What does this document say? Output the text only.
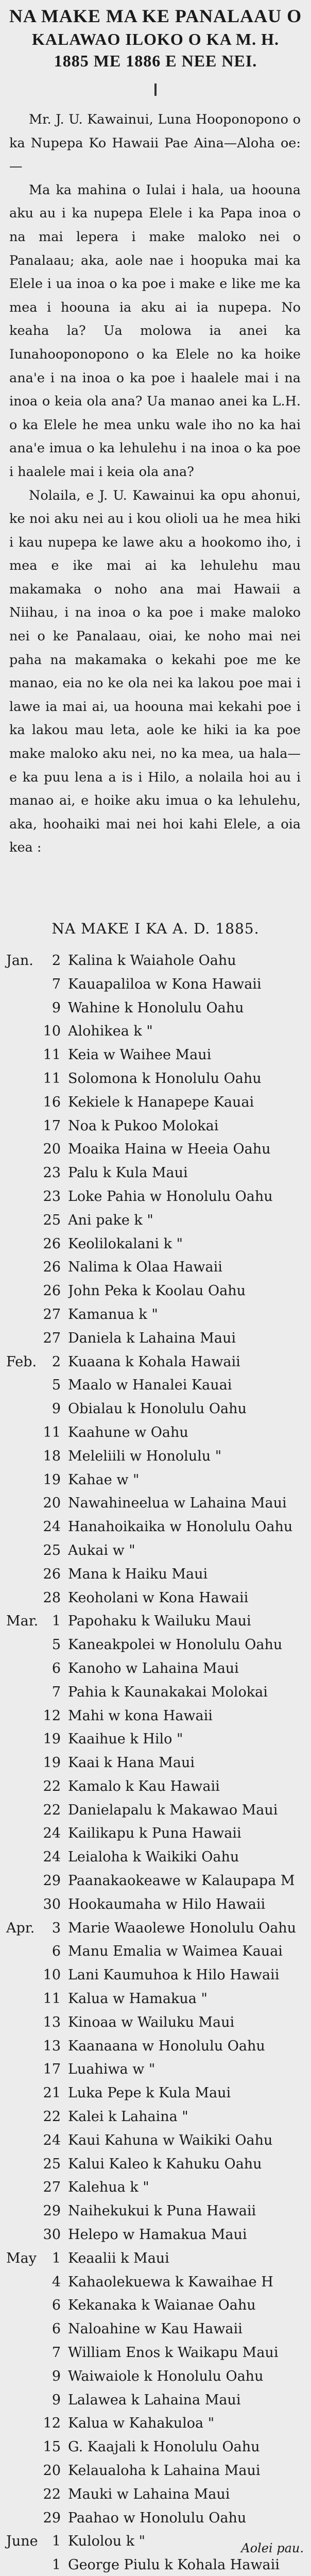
NA MAKE MA KE PANALAAU O
KALAWAO ILOKO O KA M. H.
1885 ME 1886 E NEE NEI.
Mr. J. U. Kawainui, Luna Hooponopono o ka Nupepa Ko Hawaii Pae Aina—Aloha oe:—
Ma ka mahina o Iulai i hala, ua hoouna aku au i ka nupepa Elele i ka Papa inoa o na mai lepera i make maloko nei o Panalaau; aka, aole nae i hoopuka mai ka Elele i ua inoa o ka poe i make e like me ka mea i hoouna ia aku ai ia nupepa. No keaha la? Ua molowa ia anei ka Iunahooponopono o ka Elele no ka hoike ana'e i na inoa o ka poe i haalele mai i na inoa o keia ola ana? Ua manao anei ka L.H. o ka Elele he mea unku wale iho no ka hai ana'e imua o ka lehulehu i na inoa o ka poe i haalele mai i keia ola ana?
Nolaila, e J. U. Kawainui ka opu ahonui, ke noi aku nei au i kou olioli ua he mea hiki i kau nupepa ke lawe aku a hookomo iho, i mea e ike mai ai ka lehulehu mau makamaka o noho ana mai Hawaii a Niihau, i na inoa o ka poe i make maloko nei o ke Panalaau, oiai, ke noho mai nei paha na makamaka o kekahi poe me ke manao, eia no ke ola nei ka lakou poe mai i lawe ia mai ai, ua hoouna mai kekahi poe i ka lakou mau leta, aole ke hiki ia ka poe make maloko aku nei, no ka mea, ua hala—e ka puu lena a is i Hilo, a nolaila hoi au i manao ai, e hoike aku imua o ka lehulehu, aka, hoohaiki mai nei hoi kahi Elele, a oia kea :
NA MAKE I KA A. D. 1885.
Jan.	2 Kalina k Waiahole Oahu
7 Kauapaliloa w Kona Hawaii
9 Wahine k Honolulu Oahu
10 Alohikea k "
11 Keia w Waihee Maui
11 Solomona k Honolulu Oahu
16 Kekiele k Hanapepe Kauai
17 Noa k Pukoo Molokai
20 Moaika Haina w Heeia Oahu
23 Palu k Kula Maui
23 Loke Pahia w Honolulu Oahu
25 Ani pake k "
26 Keolilokalani k "
26 Nalima k Olaa Hawaii
26 John Peka k Koolau Oahu
27 Kamanua k "
27 Daniela k Lahaina Maui
Feb.	2 Kuaana k Kohala Hawaii
5 Maalo w Hanalei Kauai
9 Obialau k Honolulu Oahu
11 Kaahune w Oahu
18 Meleliili w Honolulu "
19 Kahae w "
20 Nawahineelua w Lahaina Maui
24 Hanahoikaika w Honolulu Oahu
25 Aukai w "
26 Mana k Haiku Maui
28 Keoholani w Kona Hawaii
Mar. 1 Papohaku k Wailuku Maui
5 Kaneakpolei w Honolulu Oahu
6 Kanoho w Lahaina Maui
7 Pahia k Kaunakakai Molokai
12 Mahi w kona Hawaii
19 Kaaihue k Hilo "
19 Kaai k Hana Maui
22 Kamalo k Kau Hawaii
22 Danielapalu k Makawao Maui
24 Kailikapu k Puna Hawaii
24 Leialoha k Waikiki Oahu
29 Paanakaokeawe w Kalaupapa M
30 Hookaumaha w Hilo Hawaii
Apr.	3 Marie Waaolewe Honolulu Oahu
6 Manu Emalia w Waimea Kauai
10 Lani Kaumuhoa k Hilo Hawaii
11 Kalua w Hamakua "
13 Kinoaa w Wailuku Maui
13 Kaanaana w Honolulu Oahu
17 Luahiwa w "
21 Luka Pepe k Kula Maui
22 Kalei k Lahaina "
24 Kaui Kahuna w Waikiki Oahu
25 Kalui Kaleo k Kahuku Oahu
27 Kalehua k "
29 Naihekukui k Puna Hawaii
30 Helepo w Hamakua Maui
May	1 Keaalii k Maui
4 Kahaolekuewa k Kawaihae H
6 Kekanaka k Waianae Oahu
6 Naloahine w Kau Hawaii
7 William Enos k Waikapu Maui
9 Waiwaiole k Honolulu Oahu
9 Lalawea k Lahaina Maui
12 Kalua w Kahakuloa "
15 G. Kaajali k Honolulu Oahu
20 Kelaualoha k Lahaina Maui
22 Mauki w Lahaina Maui
29 Paahao w Honolulu Oahu
June	1 Kulolou k "
1 George Piulu k Kohala Hawaii
Aolei pau.
